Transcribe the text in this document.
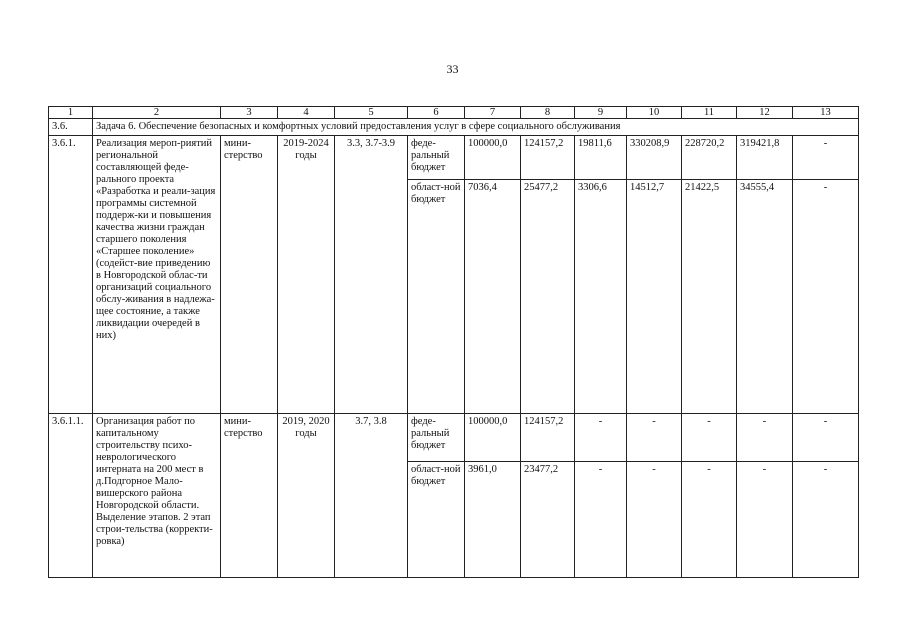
33
1	2	3	4	5	6	7	8	9	10	11	12	13
3.6.	Задача 6. Обеспечение безопасных и комфортных условий предоставления услуг в сфере социального обслуживания											
3.6.1.	Реализация мероп-риятий региональной составляющей феде-рального проекта «Разработка и реали-зация программы системной поддерж-ки и повышения качества жизни граждан старшего поколения «Старшее поколение» (содейст-вие приведению в Новгородской облас-ти организаций социального обслу-живания в надлежа-щее состояние, а также ликвидации очередей в них)	мини-стерство	2019-2024 годы	3.3, 3.7-3.9	феде-ральный бюджет	100000,0	124157,2	19811,6	330208,9	228720,2	319421,8	-
					област-ной бюджет	7036,4	25477,2	3306,6	14512,7	21422,5	34555,4	-
3.6.1.1.	Организация работ по капитальному строительству психо-неврологического интерната на 200 мест в д.Подгорное Мало-вишерского района Новгородской области. Выделение этапов. 2 этап строи-тельства (корректи-ровка)	мини-стерство	2019, 2020 годы	3.7, 3.8	феде-ральный бюджет	100000,0	124157,2	-	-	-	-	-
					област-ной бюджет	3961,0	23477,2	-	-	-	-	-
